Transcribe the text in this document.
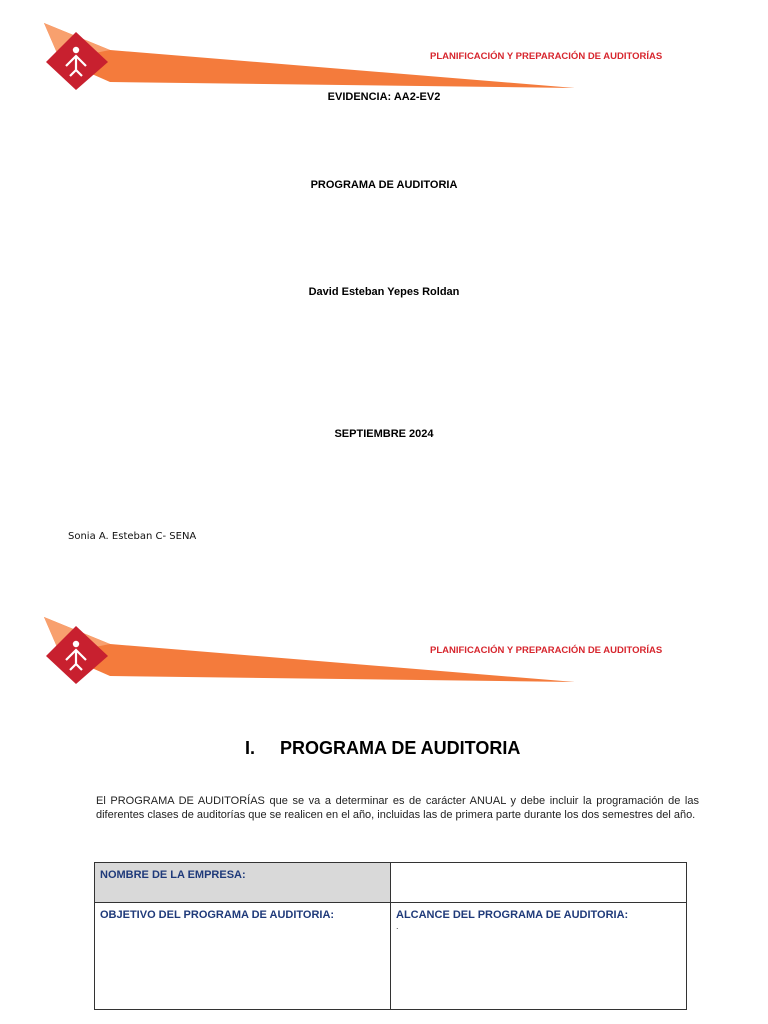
PLANIFICACIÓN Y PREPARACIÓN DE AUDITORÍAS
EVIDENCIA: AA2-EV2
PROGRAMA DE AUDITORIA
David Esteban Yepes Roldan
SEPTIEMBRE 2024
Sonia A. Esteban C- SENA
PLANIFICACIÓN Y PREPARACIÓN DE AUDITORÍAS
I. PROGRAMA DE AUDITORIA
El PROGRAMA DE AUDITORÍAS que se va a determinar es de carácter ANUAL y debe incluir la programación de las diferentes clases de auditorías que se realicen en el año, incluidas las de primera parte durante los dos semestres del año.
NOMBRE DE LA EMPRESA:	

OBJETIVO DEL PROGRAMA DE AUDITORIA:	ALCANCE DEL PROGRAMA DE AUDITORIA:
.
